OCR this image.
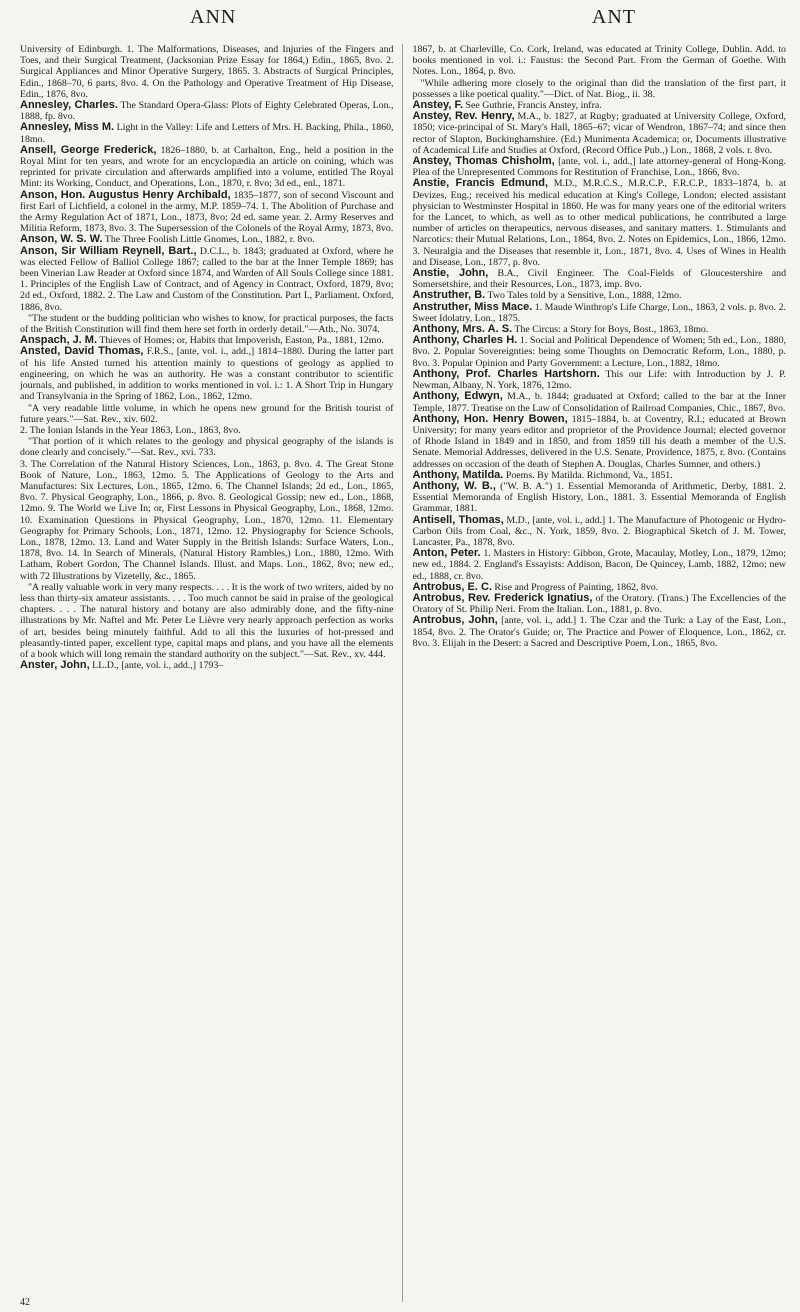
ANN	ANT

University of Edinburgh. 1. The Malformations, Diseases, and Injuries of the Fingers and Toes, and their Surgical Treatment, (Jacksonian Prize Essay for 1864,) Edin., 1865, 8vo. 2. Surgical Appliances and Minor Operative Surgery, 1865. 3. Abstracts of Surgical Principles, Edin., 1868–70, 6 parts, 8vo. 4. On the Pathology and Operative Treatment of Hip Disease, Edin., 1876, 8vo.

Annesley, Charles. The Standard Opera-Glass: Plots of Eighty Celebrated Operas, Lon., 1888, fp. 8vo.

Annesley, Miss M. Light in the Valley: Life and Letters of Mrs. H. Backing, Phila., 1860, 18mo.

Ansell, George Frederick, 1826–1880, b. at Carhalton, Eng., held a position in the Royal Mint for ten years, and wrote for an encyclopædia an article on coining, which was reprinted for private circulation and afterwards amplified into a volume, entitled The Royal Mint: its Working, Conduct, and Operations, Lon., 1870, r. 8vo; 3d ed., enl., 1871.

Anson, Hon. Augustus Henry Archibald, 1835–1877, son of second Viscount and first Earl of Lichfield, a colonel in the army, M.P. 1859–74. 1. The Abolition of Purchase and the Army Regulation Act of 1871, Lon., 1873, 8vo; 2d ed. same year. 2. Army Reserves and Militia Reform, 1873, 8vo. 3. The Supersession of the Colonels of the Royal Army, 1873, 8vo.

Anson, W. S. W. The Three Foolish Little Gnomes, Lon., 1882, r. 8vo.

Anson, Sir William Reynell, Bart., D.C.L., b. 1843; graduated at Oxford, where he was elected Fellow of Balliol College 1867; called to the bar at the Inner Temple 1869; has been Vinerian Law Reader at Oxford since 1874, and Warden of All Souls College since 1881. 1. Principles of the English Law of Contract, and of Agency in Contract, Oxford, 1879, 8vo; 2d ed., Oxford, 1882. 2. The Law and Custom of the Constitution. Part I., Parliament. Oxford, 1886, 8vo.

"The student or the budding politician who wishes to know, for practical purposes, the facts of the British Constitution will find them here set forth in orderly detail."—Ath., No. 3074.

Anspach, J. M. Thieves of Homes; or, Habits that Impoverish, Easton, Pa., 1881, 12mo.

Ansted, David Thomas, F.R.S., [ante, vol. i., add.,] 1814–1880. During the latter part of his life Ansted turned his attention mainly to questions of geology as applied to engineering, on which he was an authority. He was a constant contributor to scientific journals, and published, in addition to works mentioned in vol. i.: 1. A Short Trip in Hungary and Transylvania in the Spring of 1862, Lon., 1862, 12mo.

"A very readable little volume, in which he opens new ground for the British tourist of future years."—Sat. Rev., xiv. 602.

2. The Ionian Islands in the Year 1863, Lon., 1863, 8vo.

"That portion of it which relates to the geology and physical geography of the islands is done clearly and concisely."—Sat. Rev., xvi. 733.

3. The Correlation of the Natural History Sciences, Lon., 1863, p. 8vo. 4. The Great Stone Book of Nature, Lon., 1863, 12mo. 5. The Applications of Geology to the Arts and Manufactures: Six Lectures, Lon., 1865, 12mo. 6. The Channel Islands; 2d ed., Lon., 1865, 8vo. 7. Physical Geography, Lon., 1866, p. 8vo. 8. Geological Gossip; new ed., Lon., 1868, 12mo. 9. The World we Live In; or, First Lessons in Physical Geography, Lon., 1868, 12mo. 10. Examination Questions in Physical Geography, Lon., 1870, 12mo. 11. Elementary Geography for Primary Schools, Lon., 1871, 12mo. 12. Physiography for Science Schools, Lon., 1878, 12mo. 13. Land and Water Supply in the British Islands: Surface Waters, Lon., 1878, 8vo. 14. In Search of Minerals, (Natural History Rambles,) Lon., 1880, 12mo. With Latham, Robert Gordon, The Channel Islands. Illust. and Maps. Lon., 1862, 8vo; new ed., with 72 Illustrations by Vizetelly, &c., 1865.

"A really valuable work in very many respects. . . . It is the work of two writers, aided by no less than thirty-six amateur assistants. . . . Too much cannot be said in praise of the geological chapters. . . . The natural history and botany are also admirably done, and the fifty-nine illustrations by Mr. Naftel and Mr. Peter Le Lièvre very nearly approach perfection as works of art, besides being minutely faithful. Add to all this the luxuries of hot-pressed and pleasantly-tinted paper, excellent type, capital maps and plans, and you have all the elements of a book which will long remain the standard authority on the subject."—Sat. Rev., xv. 444.

Anster, John, LL.D., [ante, vol. i., add.,] 1793–

1867, b. at Charleville, Co. Cork, Ireland, was educated at Trinity College, Dublin. Add. to books mentioned in vol. i.: Faustus: the Second Part. From the German of Goethe. With Notes. Lon., 1864, p. 8vo.

"While adhering more closely to the original than did the translation of the first part, it possesses a like poetical quality."—Dict. of Nat. Biog., ii. 38.

Anstey, F. See Guthrie, Francis Anstey, infra.

Anstey, Rev. Henry, M.A., b. 1827, at Rugby; graduated at University College, Oxford, 1850; vice-principal of St. Mary's Hall, 1865–67; vicar of Wendron, 1867–74; and since then rector of Slapton, Buckinghamshire. (Ed.) Munimenta Academica; or, Documents illustrative of Academical Life and Studies at Oxford, (Record Office Pub.,) Lon., 1868, 2 vols. r. 8vo.

Anstey, Thomas Chisholm, [ante, vol. i., add.,] late attorney-general of Hong-Kong. Plea of the Unrepresented Commons for Restitution of Franchise, Lon., 1866, 8vo.

Anstie, Francis Edmund, M.D., M.R.C.S., M.R.C.P., F.R.C.P., 1833–1874, b. at Devizes, Eng.; received his medical education at King's College, London; elected assistant physician to Westminster Hospital in 1860. He was for many years one of the editorial writers for the Lancet, to which, as well as to other medical publications, he contributed a large number of articles on therapeutics, nervous diseases, and sanitary matters. 1. Stimulants and Narcotics: their Mutual Relations, Lon., 1864, 8vo. 2. Notes on Epidemics, Lon., 1866, 12mo. 3. Neuralgia and the Diseases that resemble it, Lon., 1871, 8vo. 4. Uses of Wines in Health and Disease, Lon., 1877, p. 8vo.

Anstie, John, B.A., Civil Engineer. The Coal-Fields of Gloucestershire and Somersetshire, and their Resources, Lon., 1873, imp. 8vo.

Anstruther, B. Two Tales told by a Sensitive, Lon., 1888, 12mo.

Anstruther, Miss Mace. 1. Maude Winthrop's Life Charge, Lon., 1863, 2 vols. p. 8vo. 2. Sweet Idolatry, Lon., 1875.

Anthony, Mrs. A. S. The Circus: a Story for Boys, Bost., 1863, 18mo.

Anthony, Charles H. 1. Social and Political Dependence of Women; 5th ed., Lon., 1880, 8vo. 2. Popular Sovereignties: being some Thoughts on Democratic Reform, Lon., 1880, p. 8vo. 3. Popular Opinion and Party Government: a Lecture, Lon., 1882, 18mo.

Anthony, Prof. Charles Hartshorn. This our Life: with Introduction by J. P. Newman, Albany, N. York, 1876, 12mo.

Anthony, Edwyn, M.A., b. 1844; graduated at Oxford; called to the bar at the Inner Temple, 1877. Treatise on the Law of Consolidation of Railroad Companies, Chic., 1867, 8vo.

Anthony, Hon. Henry Bowen, 1815–1884, b. at Coventry, R.I.; educated at Brown University; for many years editor and proprietor of the Providence Journal; elected governor of Rhode Island in 1849 and in 1850, and from 1859 till his death a member of the U.S. Senate. Memorial Addresses, delivered in the U.S. Senate, Providence, 1875, r. 8vo. (Contains addresses on occasion of the death of Stephen A. Douglas, Charles Sumner, and others.)

Anthony, Matilda. Poems. By Matilda. Richmond, Va., 1851.

Anthony, W. B., ("W. B. A.") 1. Essential Memoranda of Arithmetic, Derby, 1881. 2. Essential Memoranda of English History, Lon., 1881. 3. Essential Memoranda of English Grammar, 1881.

Antisell, Thomas, M.D., [ante, vol. i., add.] 1. The Manufacture of Photogenic or Hydro-Carbon Oils from Coal, &c., N. York, 1859, 8vo. 2. Biographical Sketch of J. M. Tower, Lancaster, Pa., 1878, 8vo.

Anton, Peter. 1. Masters in History: Gibbon, Grote, Macaulay, Motley, Lon., 1879, 12mo; new ed., 1884. 2. England's Essayists: Addison, Bacon, De Quincey, Lamb, 1882, 12mo; new ed., 1888, cr. 8vo.

Antrobus, E. C. Rise and Progress of Painting, 1862, 8vo.

Antrobus, Rev. Frederick Ignatius, of the Oratory. (Trans.) The Excellencies of the Oratory of St. Philip Neri. From the Italian. Lon., 1881, p. 8vo.

Antrobus, John, [ante, vol. i., add.] 1. The Czar and the Turk: a Lay of the East, Lon., 1854, 8vo. 2. The Orator's Guide; or, The Practice and Power of Eloquence, Lon., 1862, cr. 8vo. 3. Elijah in the Desert: a Sacred and Descriptive Poem, Lon., 1865, 8vo.

42
